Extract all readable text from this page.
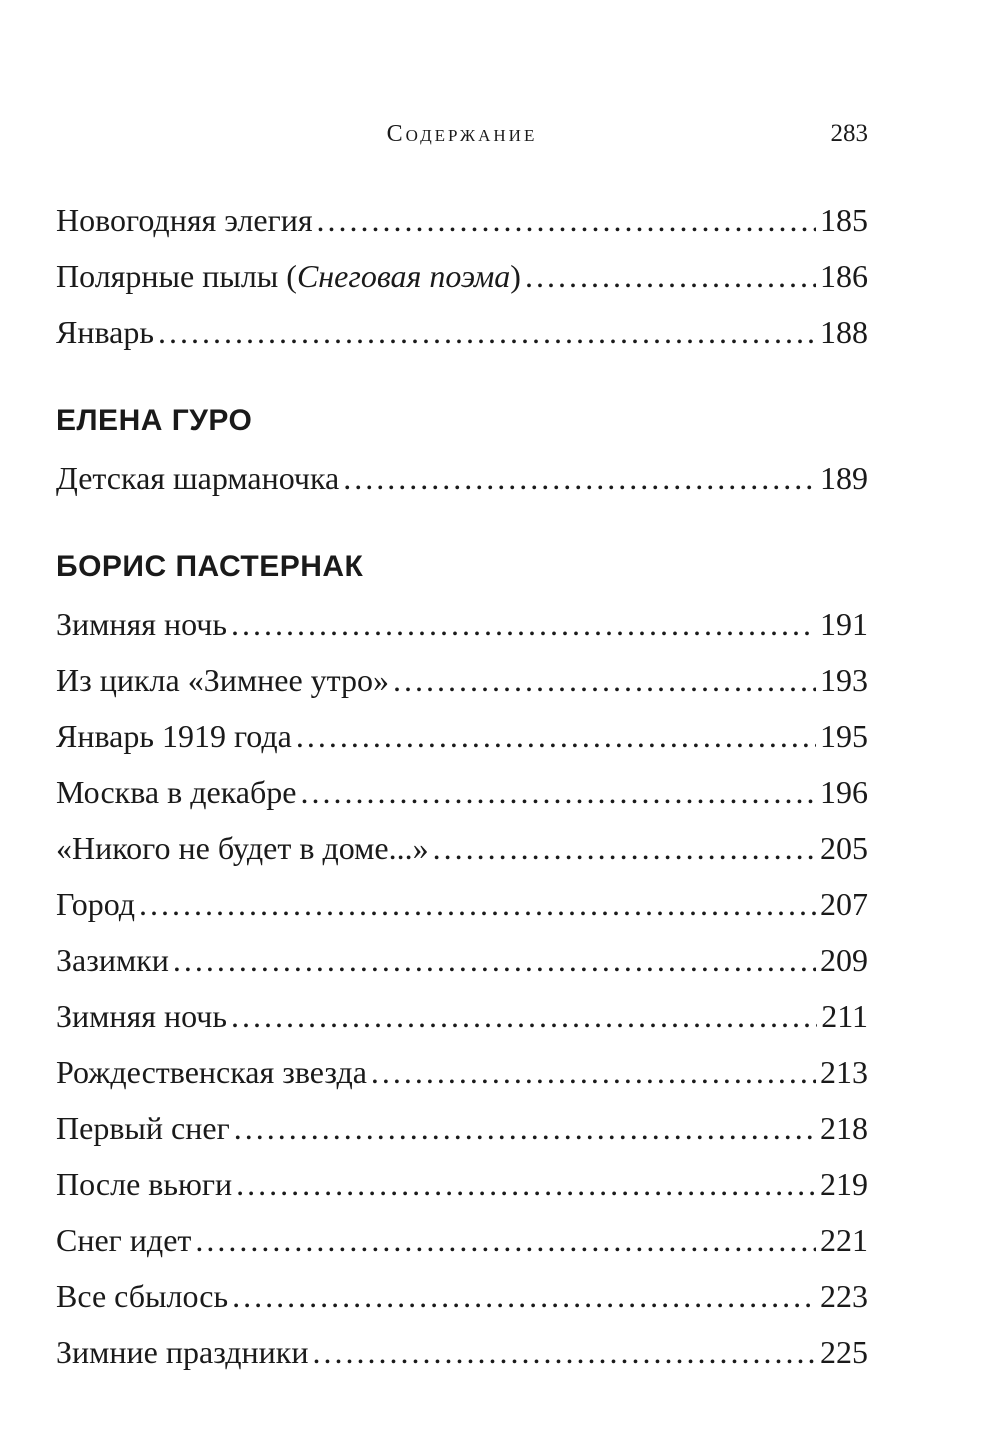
Содержание	283
Новогодняя элегия .....	185
Полярные пылы (Снеговая поэма) .....	186
Январь .....	188
ЕЛЕНА ГУРО
Детская шарманочка .....	189
БОРИС ПАСТЕРНАК
Зимняя ночь .....	191
Из цикла «Зимнее утро» .....	193
Январь 1919 года .....	195
Москва в декабре .....	196
«Никого не будет в доме...» .....	205
Город .....	207
Зазимки .....	209
Зимняя ночь .....	211
Рождественская звезда .....	213
Первый снег .....	218
После вьюги .....	219
Снег идет .....	221
Все сбылось .....	223
Зимние праздники .....	225
